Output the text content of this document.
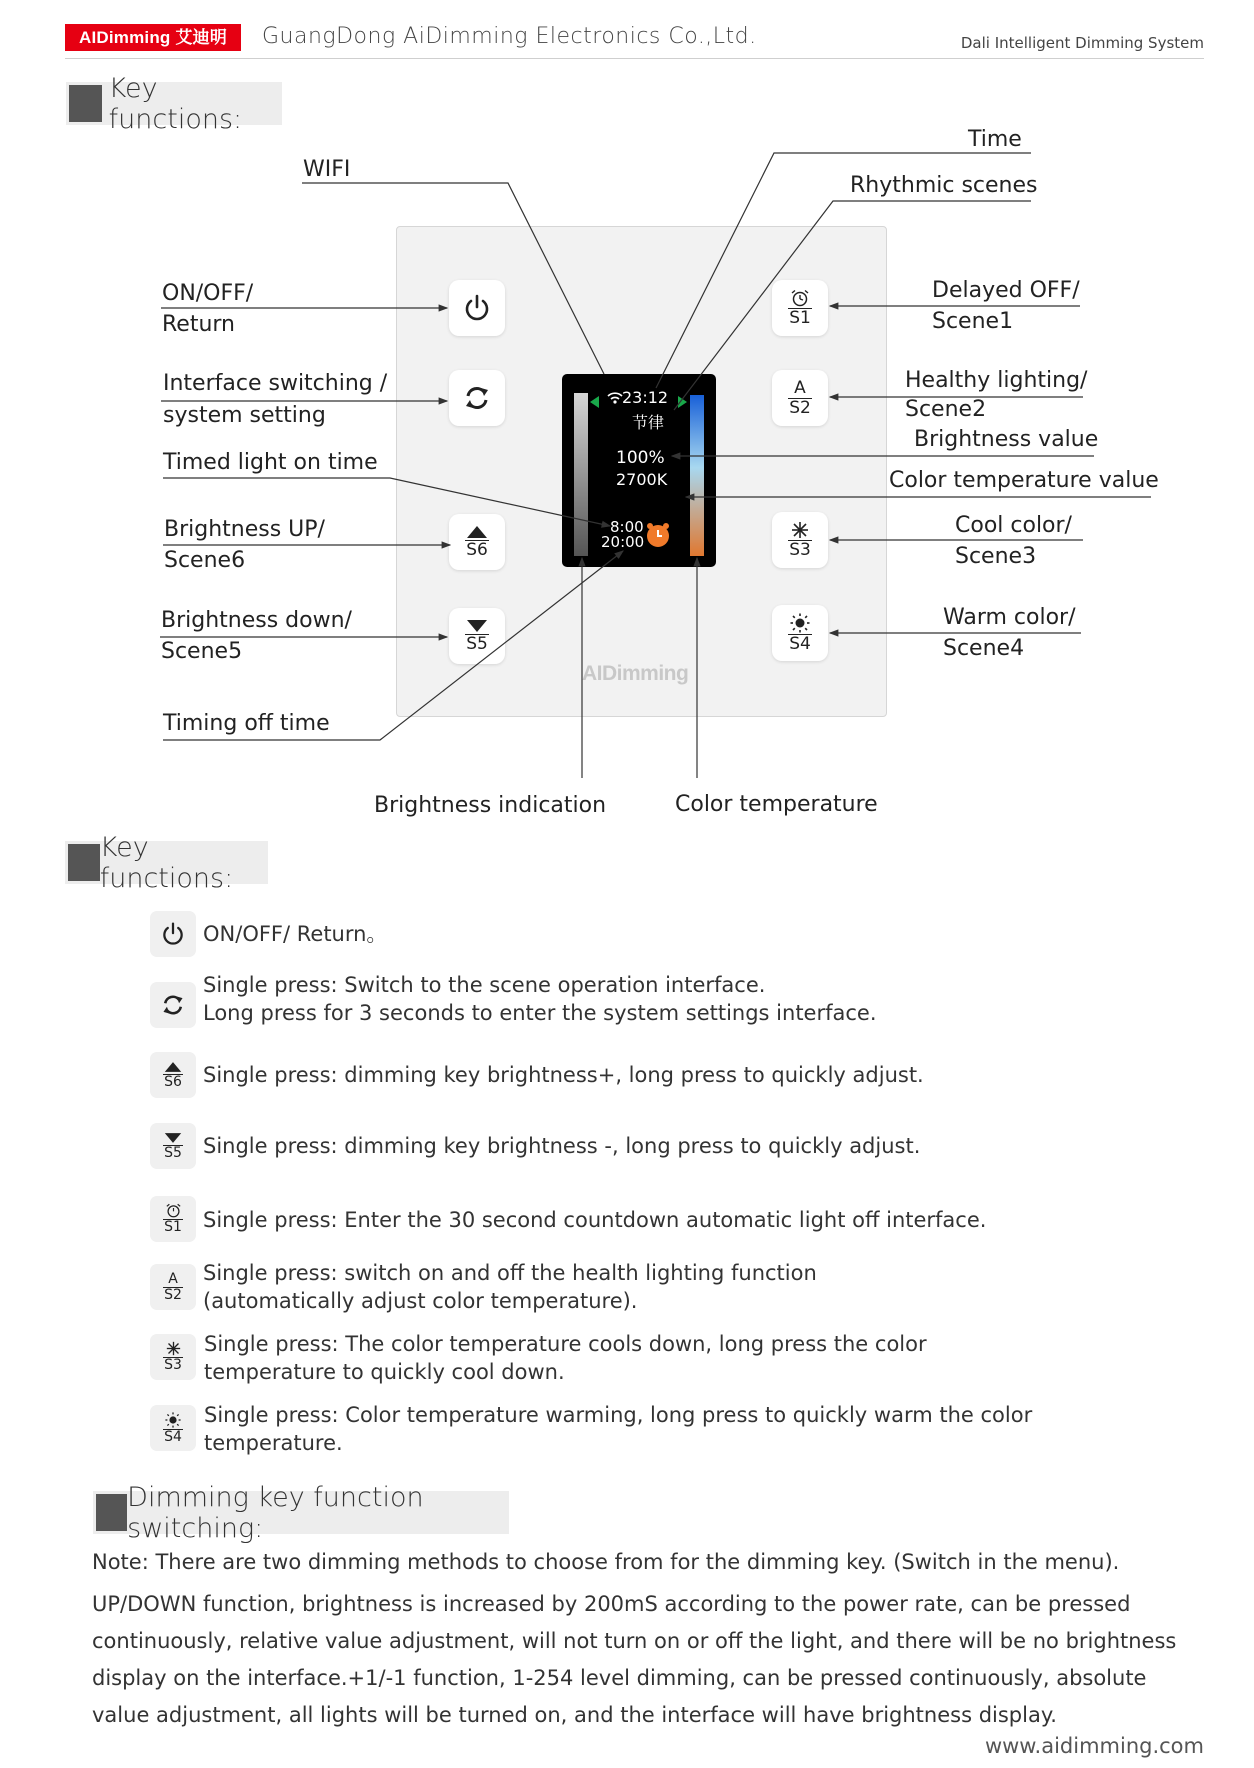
AIDimming 艾迪明	GuangDong AiDimming Electronics Co.,Ltd.	Dali Intelligent Dimming System
Key functions:
S6
S5
S1
A
S2
S3
S4
23:12
节律
100%
2700K
8:00
20:00
AIDimming
WIFI
Time
Rhythmic scenes
ON/OFF/
Return
Interface switching /
system setting
Timed light on time
Brightness UP/
Scene6
Brightness down/
Scene5
Timing off time
Delayed OFF/
Scene1
Healthy lighting/
Scene2
Brightness value
Color temperature value
Cool color/
Scene3
Warm color/
Scene4
Brightness indication	Color temperature
Key functions:
ON/OFF/ Return。
Single press: Switch to the scene operation interface.
Long press for 3 seconds to enter the system settings interface.
S6 Single press: dimming key brightness+, long press to quickly adjust.
S5 Single press: dimming key brightness -, long press to quickly adjust.
S1 Single press: Enter the 30 second countdown automatic light off interface.
A
S2
Single press: switch on and off the health lighting function
(automatically adjust color temperature).
S3
Single press: The color temperature cools down, long press the color
temperature to quickly cool down.
S4
Single press: Color temperature warming, long press to quickly warm the color
temperature.
Dimming key function switching:
Note: There are two dimming methods to choose from for the dimming key. (Switch in the menu).
UP/DOWN function, brightness is increased by 200mS according to the power rate, can be pressed
continuously, relative value adjustment, will not turn on or off the light, and there will be no brightness
display on the interface.+1/-1 function, 1-254 level dimming, can be pressed continuously, absolute
value adjustment, all lights will be turned on, and the interface will have brightness display.
www.aidimming.com
